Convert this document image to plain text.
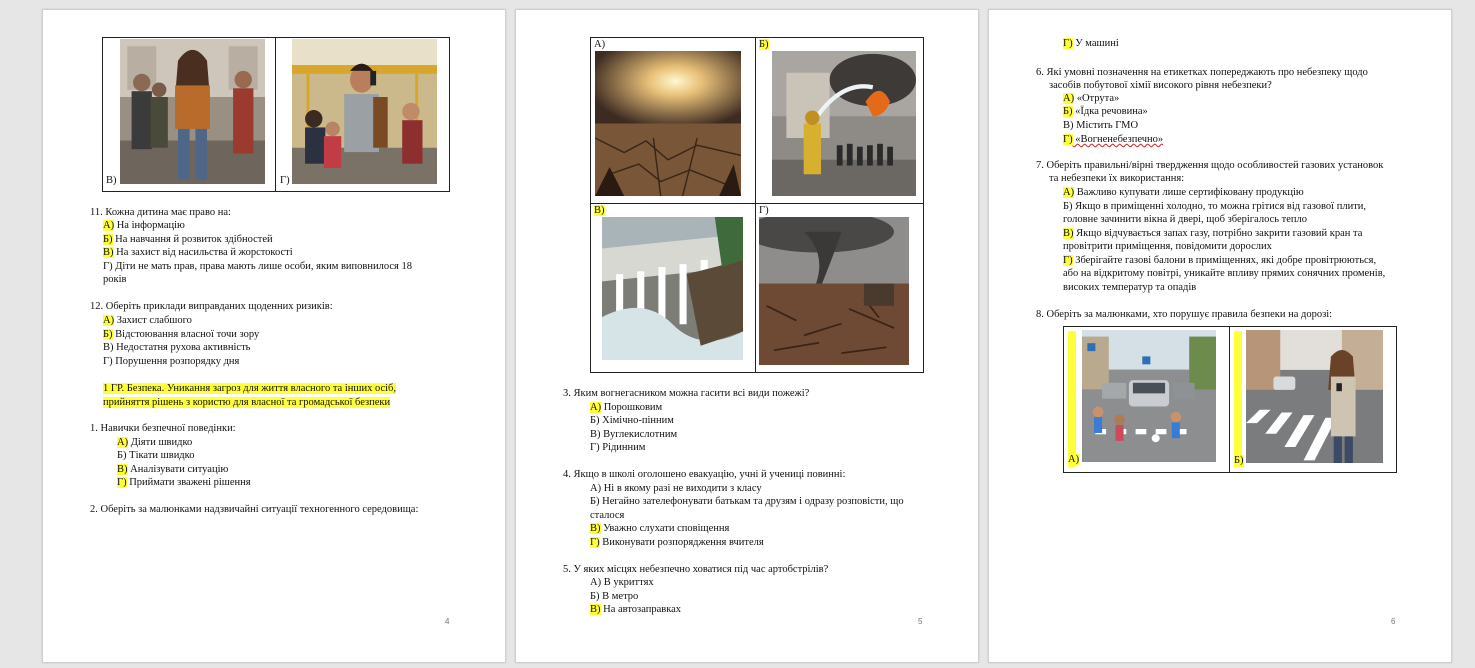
В)	Г)
11. Кожна дитина має право на:
А) На інформацію
Б) На навчання й розвиток здібностей
В) На захист від насильства й жорстокості
Г) Діти не мать прав, права мають лише особи, яким виповнилося 18
років
12. Оберіть приклади виправданих щоденних ризиків:
А) Захист слабшого
Б) Відстоювання власної точи зору
В) Недостатня рухова активність
Г) Порушення розпорядку дня
1 ГР. Безпека. Уникання загроз для життя власного та інших осіб,
прийняття рішень з користю для власної та громадської безпеки
1. Навички безпечної поведінки:
А) Діяти швидко
Б) Тікати швидко
В) Аналізувати ситуацію
Г) Приймати зважені рішення
2. Оберіть за малюнками надзвичайні ситуації техногенного середовища:
4
А)	Б)
В)	Г)
3. Яким вогнегасником можна гасити всі види пожежі?
А) Порошковим
Б) Хімічно-пінним
В) Вуглекислотним
Г) Рідинним
4. Якщо в школі оголошено евакуацію, учні й учениці повинні:
А) Ні в якому разі не виходити з класу
Б) Негайно зателефонувати батькам та друзям і одразу розповісти, що
сталося
В) Уважно слухати сповіщення
Г) Виконувати розпорядження вчителя
5. У яких місцях небезпечно ховатися під час артобстрілів?
А) В укриттях
Б) В метро
В) На автозаправках
5
Г) У машині
6. Які умовні позначення на етикетках попереджають про небезпеку щодо
засобів побутової хімії високого рівня небезпеки?
А) «Отрута»
Б) «Їдка речовина»
В) Містить ГМО
Г) «Вогненебезпечно»
7. Оберіть правильні/вірні твердження щодо особливостей газових установок
та небезпеки їх використання:
А) Важливо купувати лише сертифіковану продукцію
Б) Якщо в приміщенні холодно, то можна грітися від газової плити,
головне зачинити вікна й двері, щоб зберігалось тепло
В) Якщо відчувається запах газу, потрібно закрити газовий кран та
провітрити приміщення, повідомити дорослих
Г) Зберігайте газові балони в приміщеннях, які добре провітрюються,
або на відкритому повітрі, уникайте впливу прямих сонячних променів,
високих температур та опадів
8. Оберіть за малюнками, хто порушує правила безпеки на дорозі:
А)	Б)
6
